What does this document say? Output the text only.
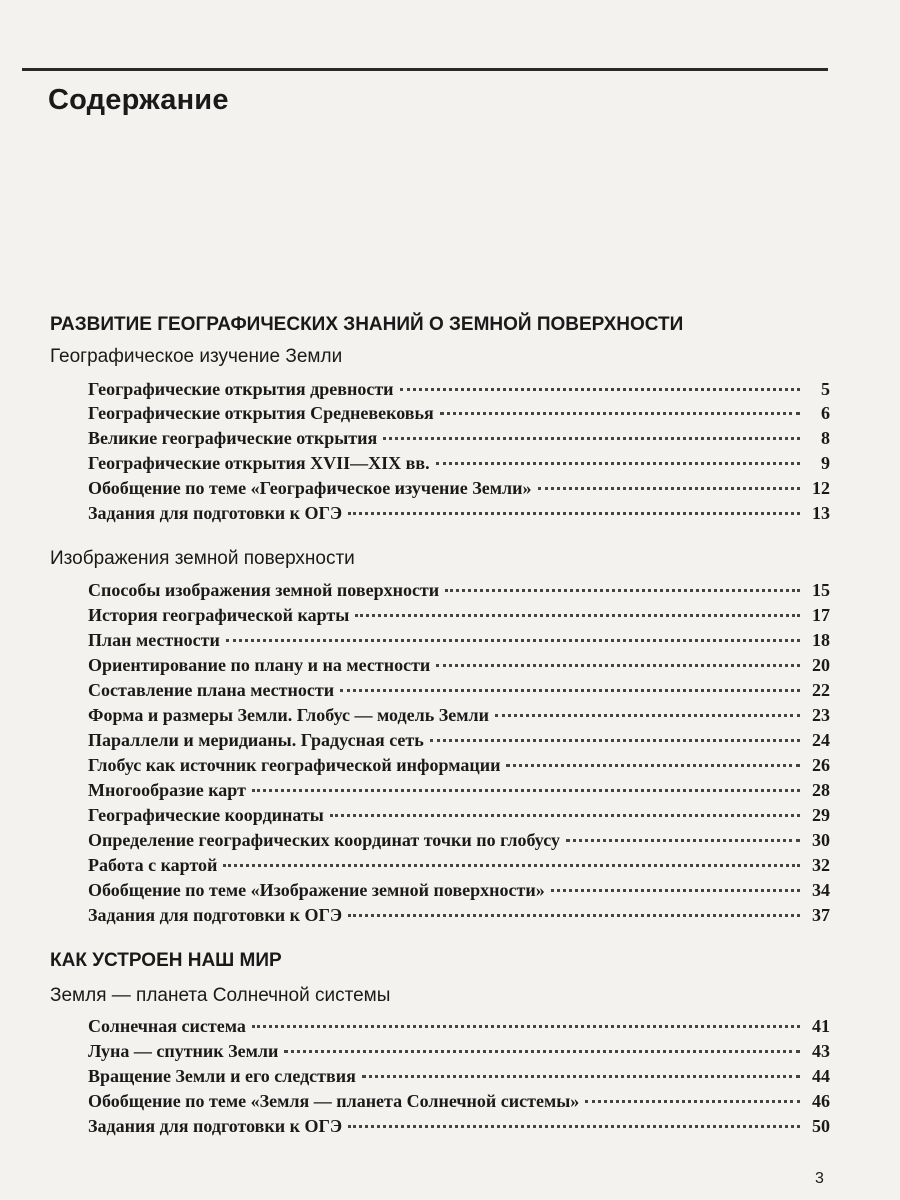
Содержание
РАЗВИТИЕ ГЕОГРАФИЧЕСКИХ ЗНАНИЙ О ЗЕМНОЙ ПОВЕРХНОСТИ
Географическое изучение Земли
Географические открытия древности	5
Географические открытия Средневековья	6
Великие географические открытия	8
Географические открытия XVII—XIX вв.	9
Обобщение по теме «Географическое изучение Земли»	12
Задания для подготовки к ОГЭ	13
Изображения земной поверхности
Способы изображения земной поверхности	15
История географической карты	17
План местности	18
Ориентирование по плану и на местности	20
Составление плана местности	22
Форма и размеры Земли. Глобус — модель Земли	23
Параллели и меридианы. Градусная сеть	24
Глобус как источник географической информации	26
Многообразие карт	28
Географические координаты	29
Определение географических координат точки по глобусу	30
Работа с картой	32
Обобщение по теме «Изображение земной поверхности»	34
Задания для подготовки к ОГЭ	37
КАК УСТРОЕН НАШ МИР
Земля — планета Солнечной системы
Солнечная система	41
Луна — спутник Земли	43
Вращение Земли и его следствия	44
Обобщение по теме «Земля — планета Солнечной системы»	46
Задания для подготовки к ОГЭ	50
3
